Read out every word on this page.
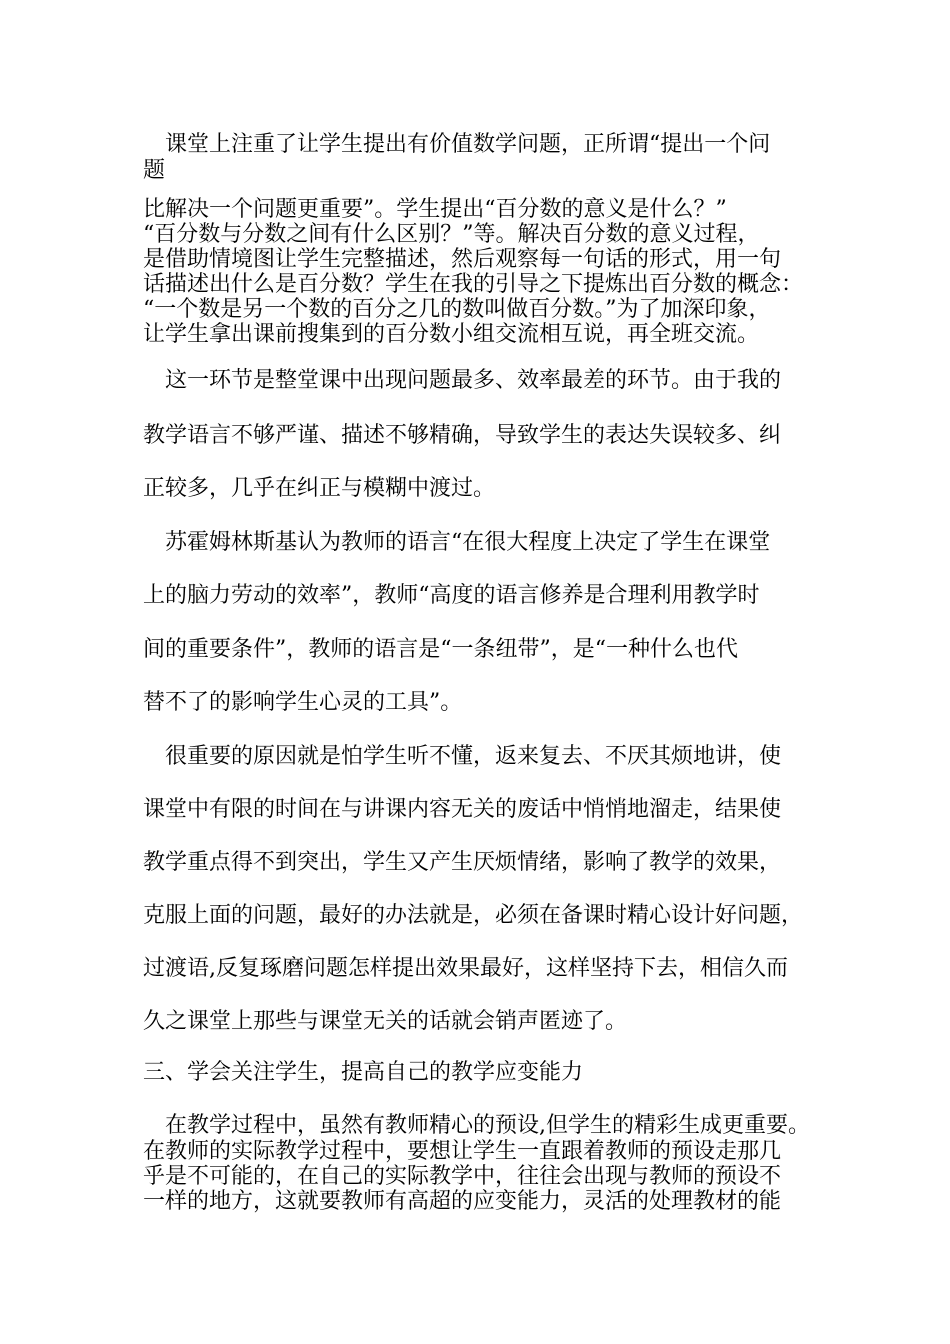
　课堂上注重了让学生提出有价值数学问题，正所谓“提出一个问

题

比解决一个问题更重要”。学生提出“百分数的意义是什么？”

“百分数与分数之间有什么区别？”等。解决百分数的意义过程，

是借助情境图让学生完整描述，然后观察每一句话的形式，用一句

话描述出什么是百分数？学生在我的引导之下提炼出百分数的概念：

“一个数是另一个数的百分之几的数叫做百分数。”为了加深印象，

让学生拿出课前搜集到的百分数小组交流相互说，再全班交流。

　这一环节是整堂课中出现问题最多、效率最差的环节。由于我的

教学语言不够严谨、描述不够精确，导致学生的表达失误较多、纠

正较多，几乎在纠正与模糊中渡过。

　苏霍姆林斯基认为教师的语言“在很大程度上决定了学生在课堂

上的脑力劳动的效率”，教师“高度的语言修养是合理利用教学时

间的重要条件”，教师的语言是“一条纽带”，是“一种什么也代

替不了的影响学生心灵的工具”。

　很重要的原因就是怕学生听不懂，返来复去、不厌其烦地讲，使

课堂中有限的时间在与讲课内容无关的废话中悄悄地溜走，结果使

教学重点得不到突出，学生又产生厌烦情绪，影响了教学的效果，

克服上面的问题，最好的办法就是，必须在备课时精心设计好问题，

过渡语,反复琢磨问题怎样提出效果最好，这样坚持下去，相信久而

久之课堂上那些与课堂无关的话就会销声匿迹了。

三、学会关注学生，提高自己的教学应变能力

　在教学过程中，虽然有教师精心的预设,但学生的精彩生成更重要。

在教师的实际教学过程中，要想让学生一直跟着教师的预设走那几

乎是不可能的，在自己的实际教学中，往往会出现与教师的预设不

一样的地方，这就要教师有高超的应变能力，灵活的处理教材的能
